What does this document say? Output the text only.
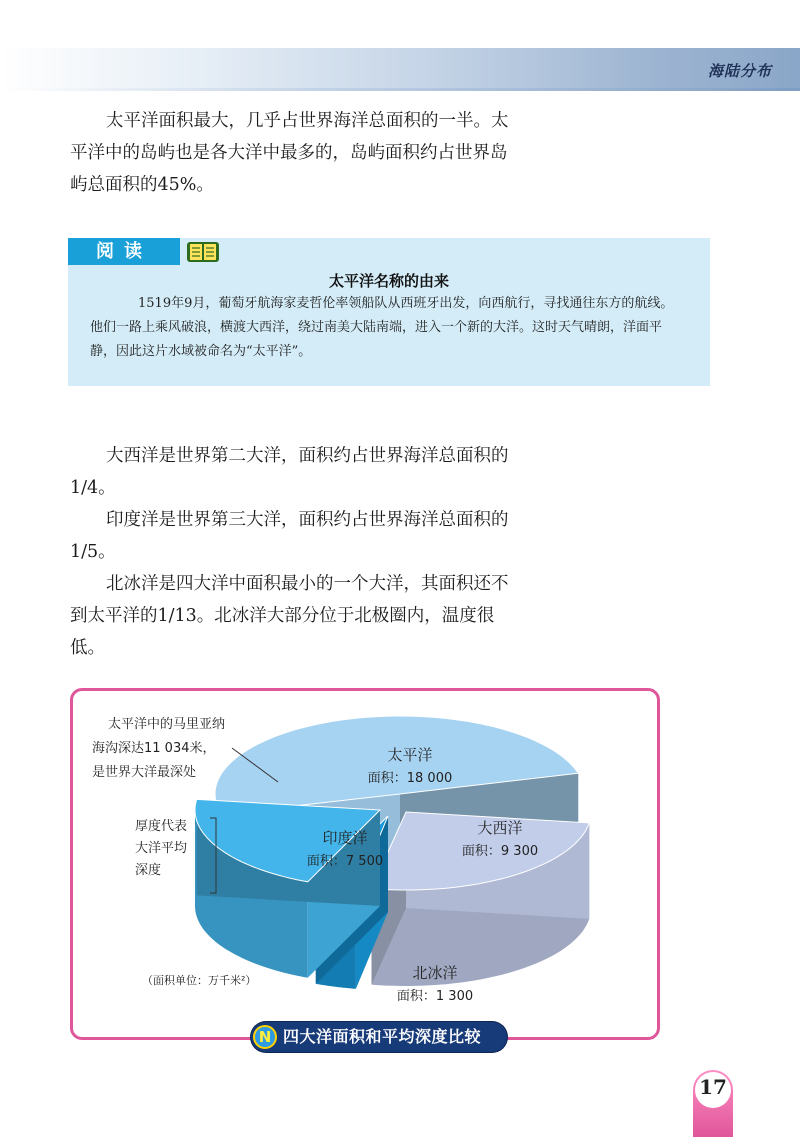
海陆分布

太平洋面积最大，几乎占世界海洋总面积的一半。太平洋中的岛屿也是各大洋中最多的，岛屿面积约占世界岛屿总面积的45%。

阅读
太平洋名称的由来

1519年9月，葡萄牙航海家麦哲伦率领船队从西班牙出发，向西航行，寻找通往东方的航线。他们一路上乘风破浪，横渡大西洋，绕过南美大陆南端，进入一个新的大洋。这时天气晴朗，洋面平静，因此这片水域被命名为“太平洋”。

大西洋是世界第二大洋，面积约占世界海洋总面积的1/4。

印度洋是世界第三大洋，面积约占世界海洋总面积的1/5。

北冰洋是四大洋中面积最小的一个大洋，其面积还不到太平洋的1/13。北冰洋大部分位于北极圈内，温度很低。

太平洋
面积：18 000
大西洋
面积：9 300
北冰洋
面积：1 300
印度洋
面积：7 500
太平洋中的马里亚纳
海沟深达11 034米，
是世界大洋最深处
厚度代表
大洋平均
深度
（面积单位：万千米²）
N 四大洋面积和平均深度比较
17
